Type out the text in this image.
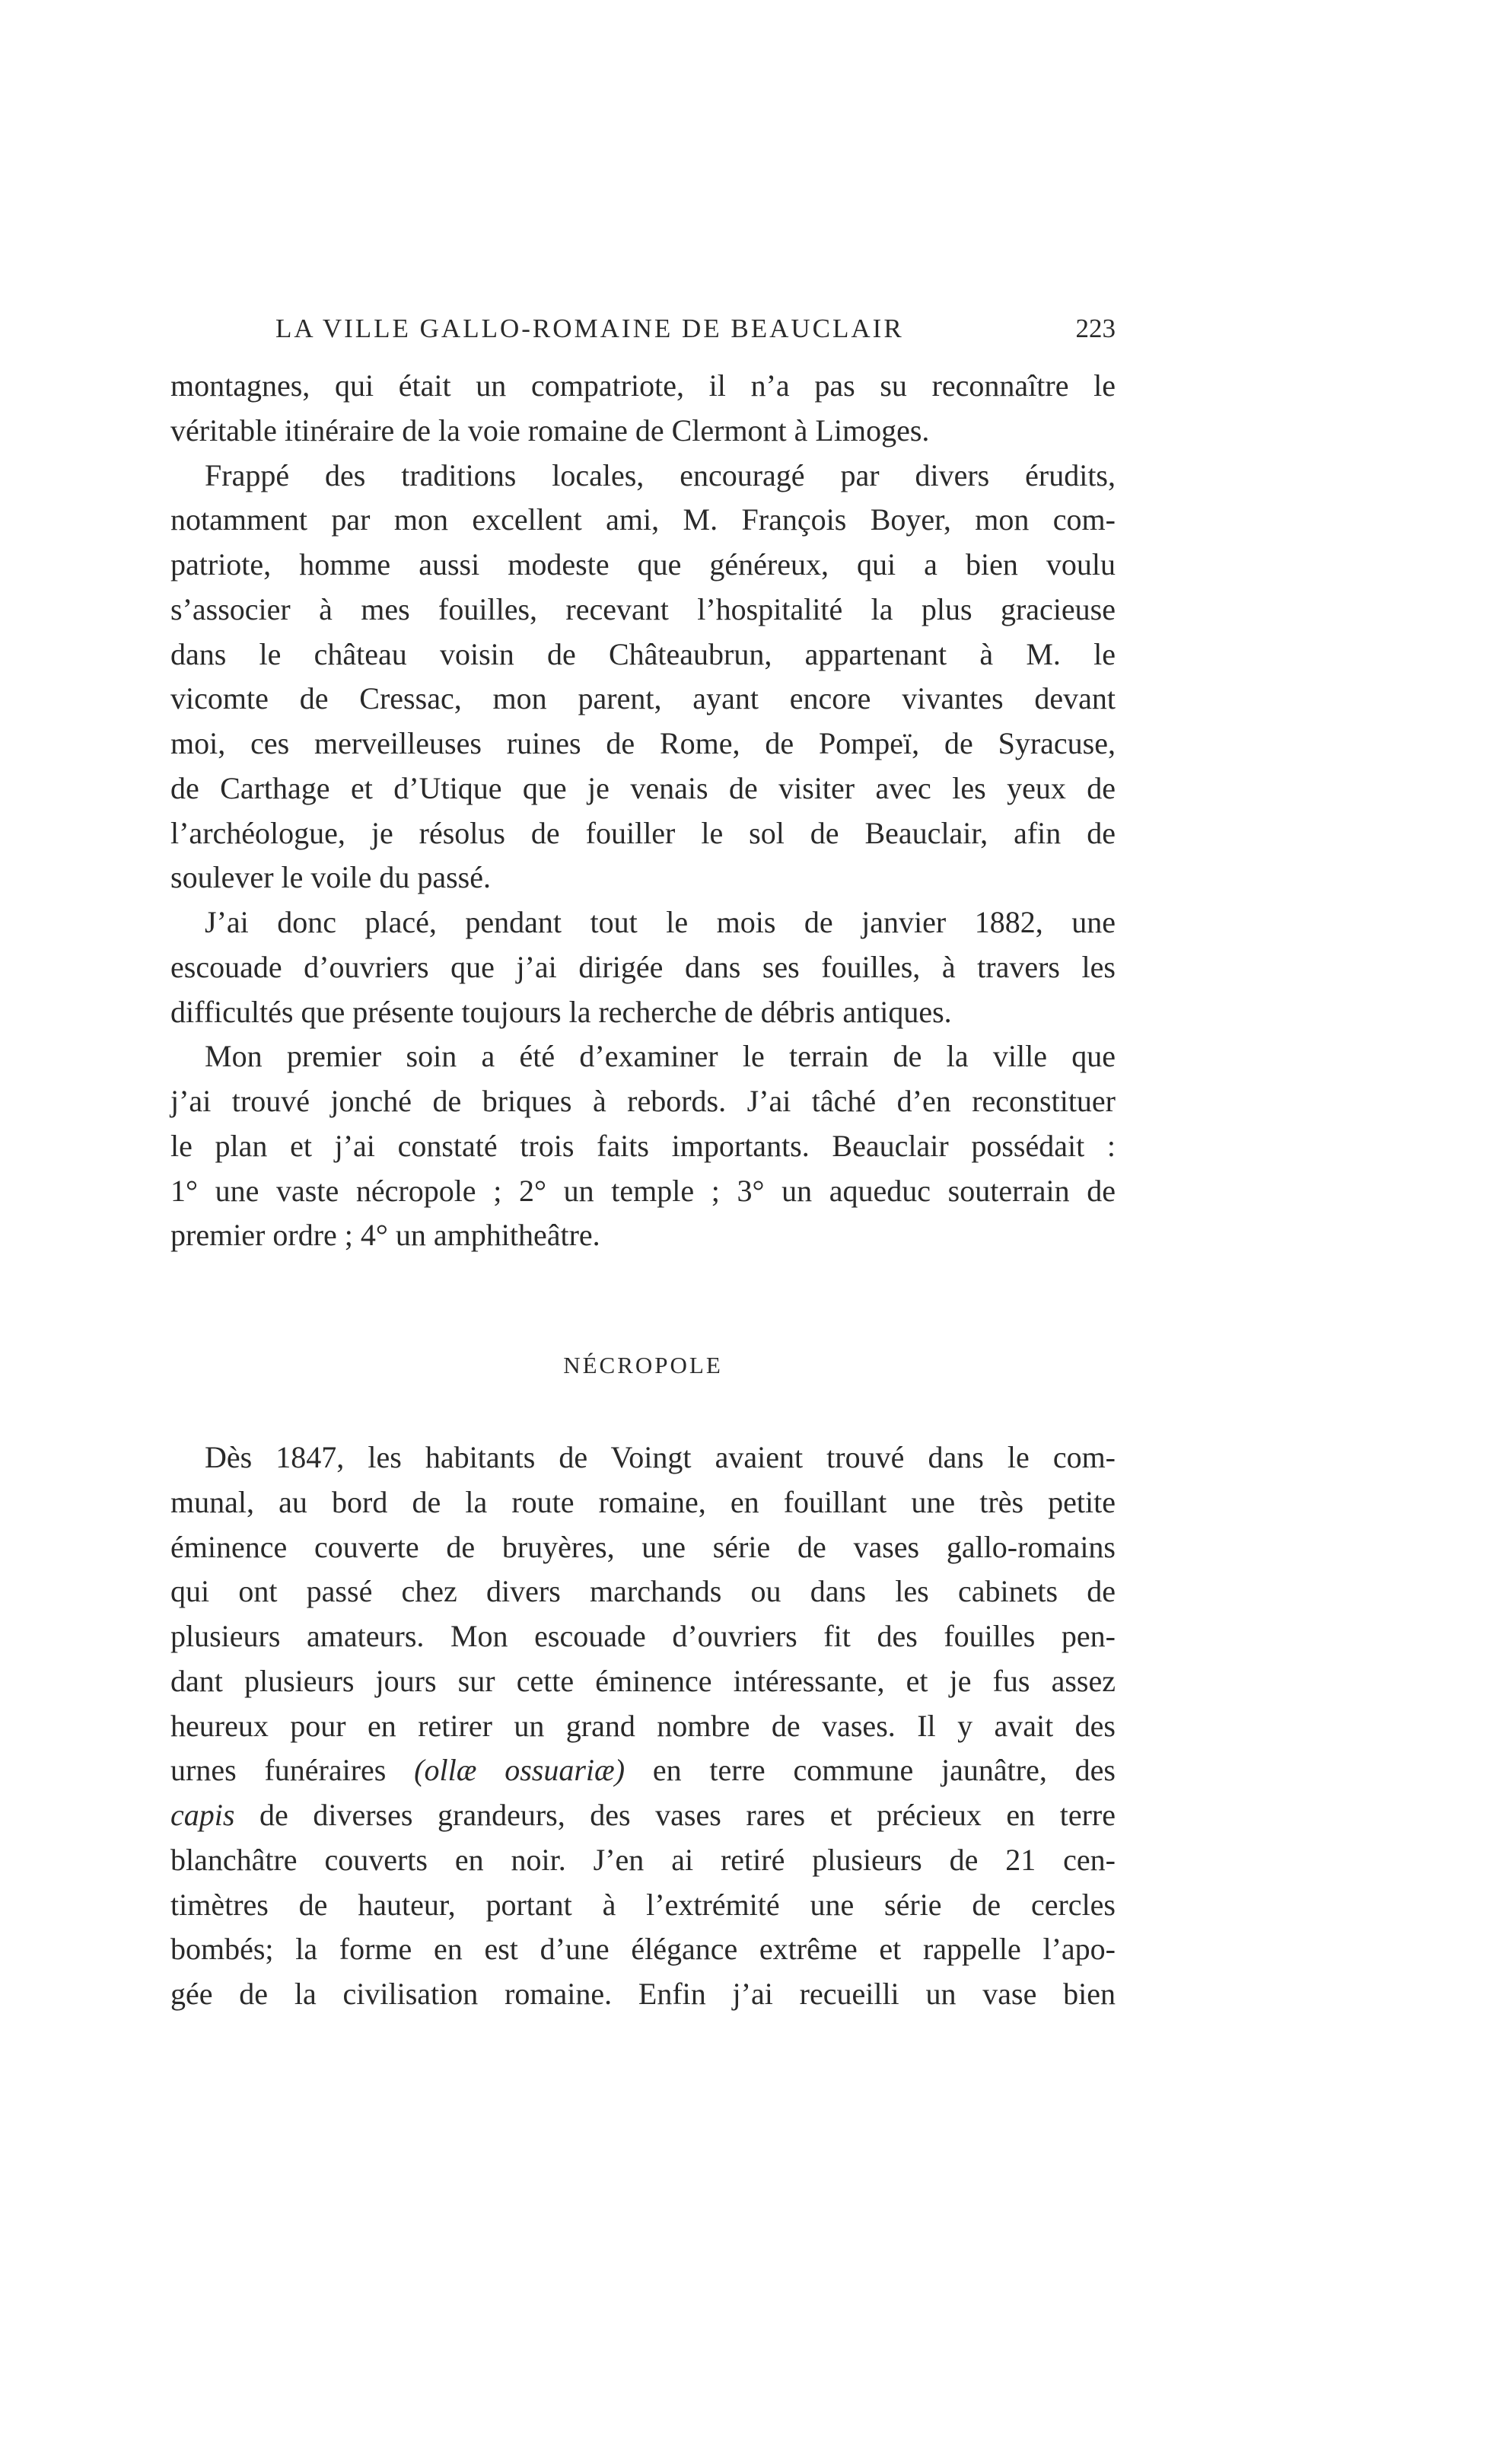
LA VILLE GALLO-ROMAINE DE BEAUCLAIR	223
montagnes, qui était un compatriote, il n’a pas su reconnaître le
véritable itinéraire de la voie romaine de Clermont à Limoges.
Frappé des traditions locales, encouragé par divers érudits,
notamment par mon excellent ami, M. François Boyer, mon com-
patriote, homme aussi modeste que généreux, qui a bien voulu
s’associer à mes fouilles, recevant l’hospitalité la plus gracieuse
dans le château voisin de Châteaubrun, appartenant à M. le
vicomte de Cressac, mon parent, ayant encore vivantes devant
moi, ces merveilleuses ruines de Rome, de Pompeï, de Syracuse,
de Carthage et d’Utique que je venais de visiter avec les yeux de
l’archéologue, je résolus de fouiller le sol de Beauclair, afin de
soulever le voile du passé.
J’ai donc placé, pendant tout le mois de janvier 1882, une
escouade d’ouvriers que j’ai dirigée dans ses fouilles, à travers les
difficultés que présente toujours la recherche de débris antiques.
Mon premier soin a été d’examiner le terrain de la ville que
j’ai trouvé jonché de briques à rebords. J’ai tâché d’en reconstituer
le plan et j’ai constaté trois faits importants. Beauclair possédait :
1° une vaste nécropole ; 2° un temple ; 3° un aqueduc souterrain de
premier ordre ; 4° un amphitheâtre.
NÉCROPOLE
Dès 1847, les habitants de Voingt avaient trouvé dans le com-
munal, au bord de la route romaine, en fouillant une très petite
éminence couverte de bruyères, une série de vases gallo-romains
qui ont passé chez divers marchands ou dans les cabinets de
plusieurs amateurs. Mon escouade d’ouvriers fit des fouilles pen-
dant plusieurs jours sur cette éminence intéressante, et je fus assez
heureux pour en retirer un grand nombre de vases. Il y avait des
urnes funéraires (ollæ ossuariæ) en terre commune jaunâtre, des
capis de diverses grandeurs, des vases rares et précieux en terre
blanchâtre couverts en noir. J’en ai retiré plusieurs de 21 cen-
timètres de hauteur, portant à l’extrémité une série de cercles
bombés; la forme en est d’une élégance extrême et rappelle l’apo-
gée de la civilisation romaine. Enfin j’ai recueilli un vase bien
